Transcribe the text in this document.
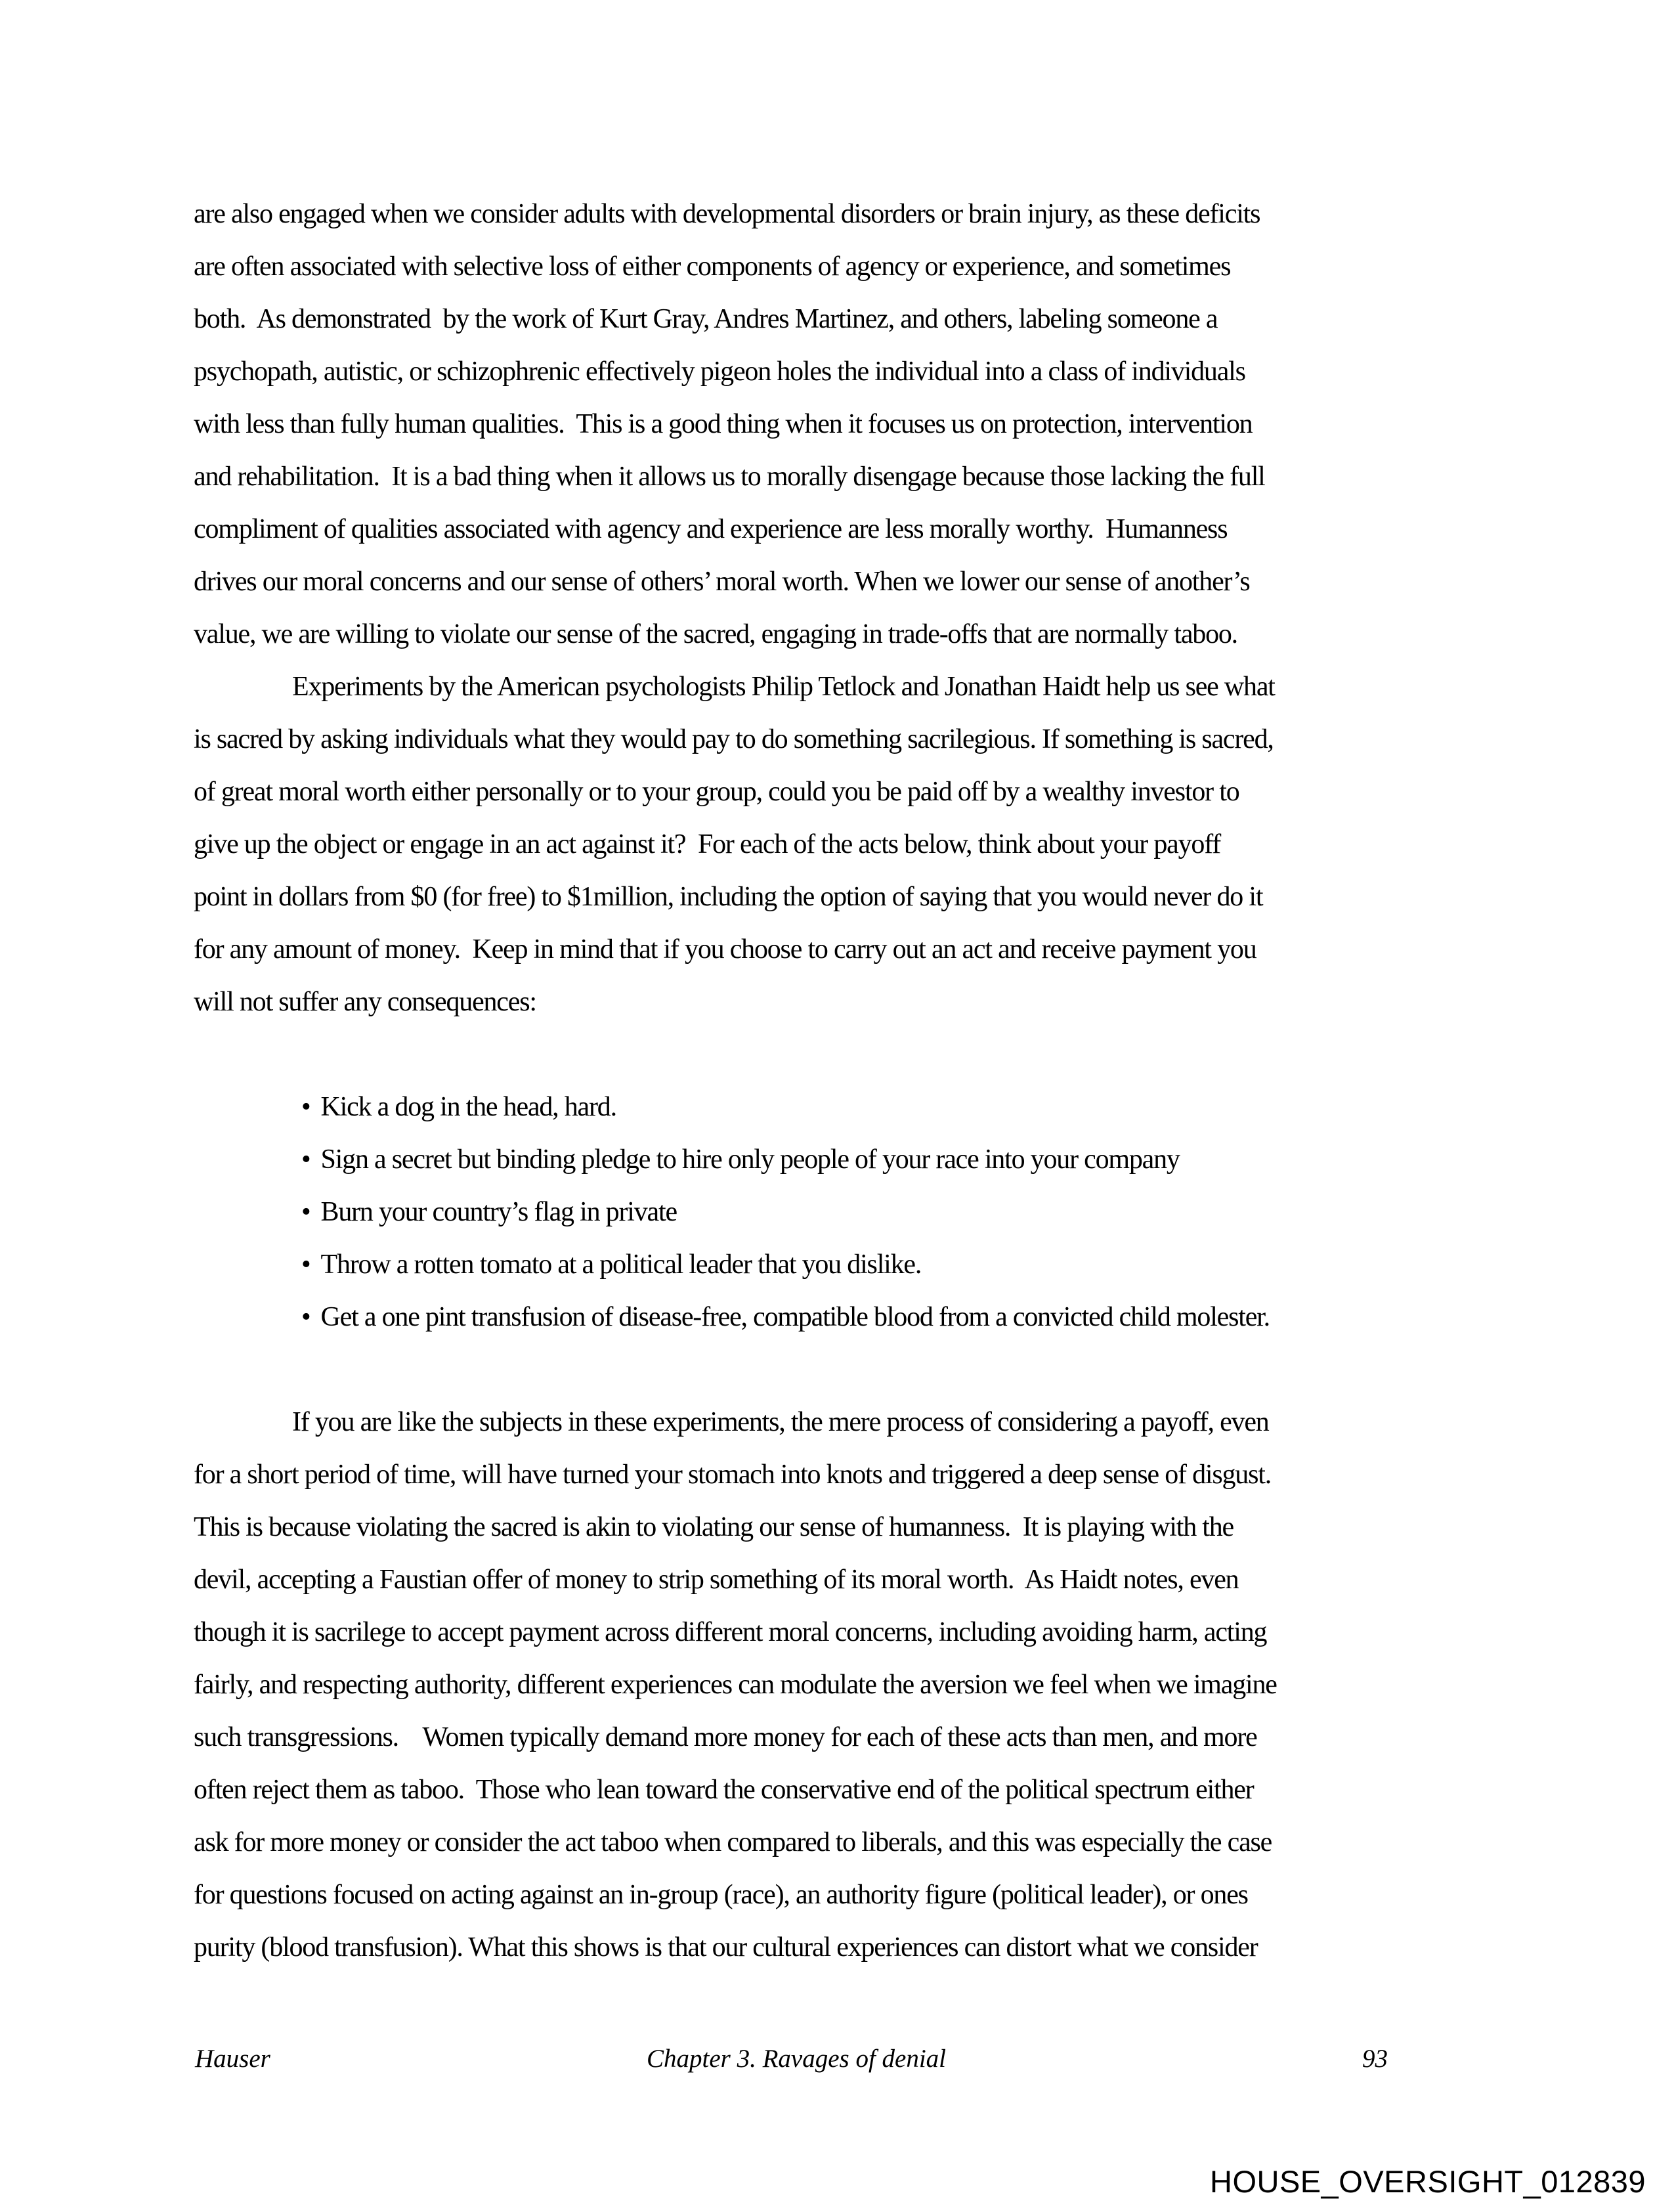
are also engaged when we consider adults with developmental disorders or brain injury, as these deficits
are often associated with selective loss of either components of agency or experience, and sometimes
both.  As demonstrated  by the work of Kurt Gray, Andres Martinez, and others, labeling someone a
psychopath, autistic, or schizophrenic effectively pigeon holes the individual into a class of individuals
with less than fully human qualities.  This is a good thing when it focuses us on protection, intervention
and rehabilitation.  It is a bad thing when it allows us to morally disengage because those lacking the full
compliment of qualities associated with agency and experience are less morally worthy.  Humanness
drives our moral concerns and our sense of others’ moral worth. When we lower our sense of another’s
value, we are willing to violate our sense of the sacred, engaging in trade-offs that are normally taboo.
Experiments by the American psychologists Philip Tetlock and Jonathan Haidt help us see what
is sacred by asking individuals what they would pay to do something sacrilegious. If something is sacred,
of great moral worth either personally or to your group, could you be paid off by a wealthy investor to
give up the object or engage in an act against it?  For each of the acts below, think about your payoff
point in dollars from $0 (for free) to $1million, including the option of saying that you would never do it
for any amount of money.  Keep in mind that if you choose to carry out an act and receive payment you
will not suffer any consequences:
• Kick a dog in the head, hard.
• Sign a secret but binding pledge to hire only people of your race into your company
• Burn your country’s flag in private
• Throw a rotten tomato at a political leader that you dislike.
• Get a one pint transfusion of disease-free, compatible blood from a convicted child molester.
If you are like the subjects in these experiments, the mere process of considering a payoff, even
for a short period of time, will have turned your stomach into knots and triggered a deep sense of disgust.
This is because violating the sacred is akin to violating our sense of humanness.  It is playing with the
devil, accepting a Faustian offer of money to strip something of its moral worth.  As Haidt notes, even
though it is sacrilege to accept payment across different moral concerns, including avoiding harm, acting
fairly, and respecting authority, different experiences can modulate the aversion we feel when we imagine
such transgressions.    Women typically demand more money for each of these acts than men, and more
often reject them as taboo.  Those who lean toward the conservative end of the political spectrum either
ask for more money or consider the act taboo when compared to liberals, and this was especially the case
for questions focused on acting against an in-group (race), an authority figure (political leader), or ones
purity (blood transfusion). What this shows is that our cultural experiences can distort what we consider
Hauser	Chapter 3. Ravages of denial	93
HOUSE_OVERSIGHT_012839
